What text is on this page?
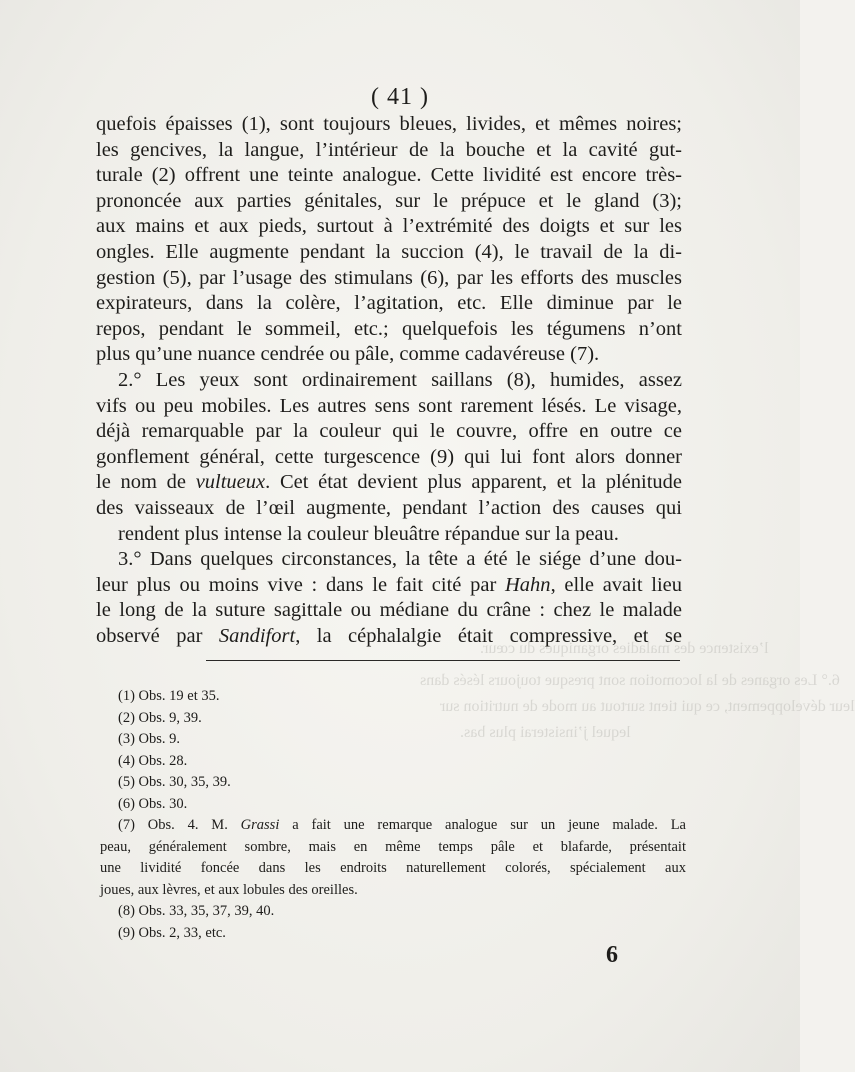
l’existence des maladies organiques du cœur.
6.° Les organes de la locomotion sont presque toujours lésés dans
leur développement, ce qui tient surtout au mode de nutrition sur
lequel j’insisterai plus bas.
( 41 )
quefois épaisses (1), sont toujours bleues, livides, et mêmes noires;
les gencives, la langue, l’intérieur de la bouche et la cavité gut-
turale (2) offrent une teinte analogue. Cette lividité est encore très-
prononcée aux parties génitales, sur le prépuce et le gland (3);
aux mains et aux pieds, surtout à l’extrémité des doigts et sur les
ongles. Elle augmente pendant la succion (4), le travail de la di-
gestion (5), par l’usage des stimulans (6), par les efforts des muscles
expirateurs, dans la colère, l’agitation, etc. Elle diminue par le
repos, pendant le sommeil, etc.; quelquefois les tégumens n’ont
plus qu’une nuance cendrée ou pâle, comme cadavéreuse (7).
2.° Les yeux sont ordinairement saillans (8), humides, assez
vifs ou peu mobiles. Les autres sens sont rarement lésés. Le visage,
déjà remarquable par la couleur qui le couvre, offre en outre ce
gonflement général, cette turgescence (9) qui lui font alors donner
le nom de vultueux. Cet état devient plus apparent, et la plénitude
des vaisseaux de l’œil augmente, pendant l’action des causes qui
rendent plus intense la couleur bleuâtre répandue sur la peau.
3.° Dans quelques circonstances, la tête a été le siége d’une dou-
leur plus ou moins vive : dans le fait cité par Hahn, elle avait lieu
le long de la suture sagittale ou médiane du crâne : chez le malade
observé par Sandifort, la céphalalgie était compressive, et se
(1) Obs. 19 et 35.
(2) Obs. 9, 39.
(3) Obs. 9.
(4) Obs. 28.
(5) Obs. 30, 35, 39.
(6) Obs. 30.
(7) Obs. 4. M. Grassi a fait une remarque analogue sur un jeune malade. La
peau, généralement sombre, mais en même temps pâle et blafarde, présentait
une lividité foncée dans les endroits naturellement colorés, spécialement aux
joues, aux lèvres, et aux lobules des oreilles.
(8) Obs. 33, 35, 37, 39, 40.
(9) Obs. 2, 33, etc.
6
